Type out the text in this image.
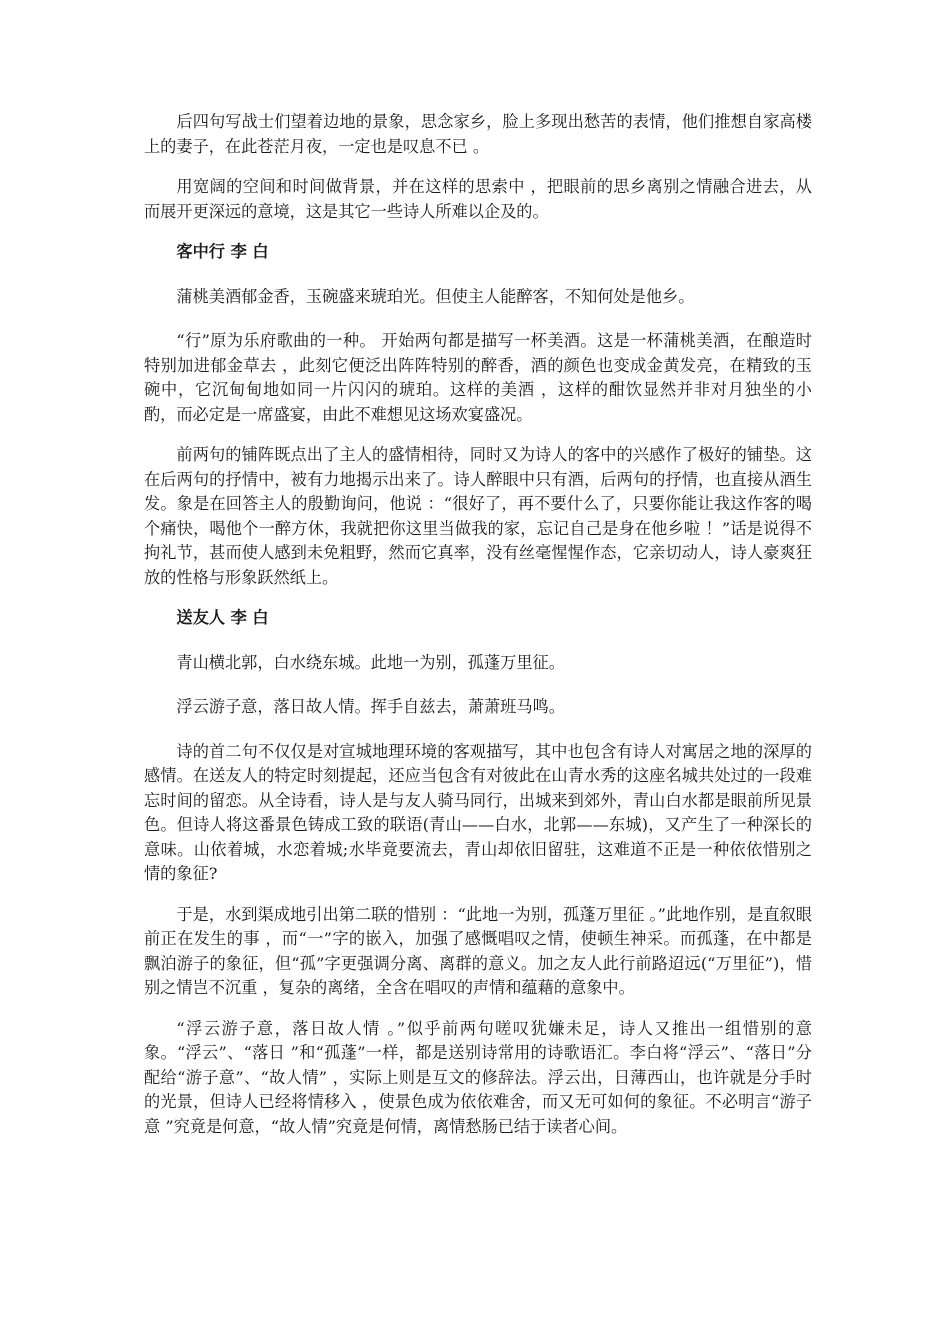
后四句写战士们望着边地的景象，思念家乡，脸上多现出愁苦的表情，他们推想自家高楼上的妻子，在此苍茫月夜，一定也是叹息不已 。

用宽阔的空间和时间做背景，并在这样的思索中 ，把眼前的思乡离别之情融合进去，从而展开更深远的意境，这是其它一些诗人所难以企及的。

客中行 李 白

蒲桃美酒郁金香，玉碗盛来琥珀光。但使主人能醉客，不知何处是他乡。

“行”原为乐府歌曲的一种。 开始两句都是描写一杯美酒。这是一杯蒲桃美酒，在酿造时特别加进郁金草去 ，此刻它便泛出阵阵特别的醉香，酒的颜色也变成金黄发亮，在精致的玉碗中，它沉甸甸地如同一片闪闪的琥珀。这样的美酒 ，这样的酣饮显然并非对月独坐的小酌，而必定是一席盛宴，由此不难想见这场欢宴盛况。

前两句的铺阵既点出了主人的盛情相待，同时又为诗人的客中的兴感作了极好的铺垫。这在后两句的抒情中，被有力地揭示出来了。诗人醉眼中只有酒，后两句的抒情，也直接从酒生发。象是在回答主人的殷勤询问，他说 ：“很好了，再不要什么了，只要你能让我这作客的喝个痛快，喝他个一醉方休，我就把你这里当做我的家，忘记自己是身在他乡啦 ！”话是说得不拘礼节，甚而使人感到未免粗野，然而它真率，没有丝毫惺惺作态，它亲切动人，诗人豪爽狂放的性格与形象跃然纸上。

送友人 李 白

青山横北郭，白水绕东城。此地一为别，孤蓬万里征。

浮云游子意，落日故人情。挥手自兹去，萧萧班马鸣。

诗的首二句不仅仅是对宣城地理环境的客观描写，其中也包含有诗人对寓居之地的深厚的感情。在送友人的特定时刻提起，还应当包含有对彼此在山青水秀的这座名城共处过的一段难忘时间的留恋。从全诗看，诗人是与友人骑马同行，出城来到郊外，青山白水都是眼前所见景色。但诗人将这番景色铸成工致的联语(青山——白水，北郭——东城)，又产生了一种深长的意味。山依着城，水恋着城;水毕竟要流去，青山却依旧留驻，这难道不正是一种依依惜别之情的象征?

于是，水到渠成地引出第二联的惜别 ：“此地一为别，孤蓬万里征 。”此地作别，是直叙眼前正在发生的事 ，而“一”字的嵌入，加强了感慨唱叹之情，使顿生神采。而孤蓬，在中都是飘泊游子的象征，但“孤”字更强调分离、离群的意义。加之友人此行前路迢远(“万里征”)，惜别之情岂不沉重 ，复杂的离绪，全含在唱叹的声情和蕴藉的意象中。

“浮云游子意，落日故人情 。”似乎前两句嗟叹犹嫌未足，诗人又推出一组惜别的意象。“浮云”、“落日 ”和“孤蓬”一样，都是送别诗常用的诗歌语汇。李白将“浮云”、“落日”分配给“游子意”、“故人情” ，实际上则是互文的修辞法。浮云出，日薄西山，也许就是分手时的光景，但诗人已经将情移入 ，使景色成为依依难舍，而又无可如何的象征。不必明言“游子意 ”究竟是何意，“故人情”究竟是何情，离情愁肠已结于读者心间。
